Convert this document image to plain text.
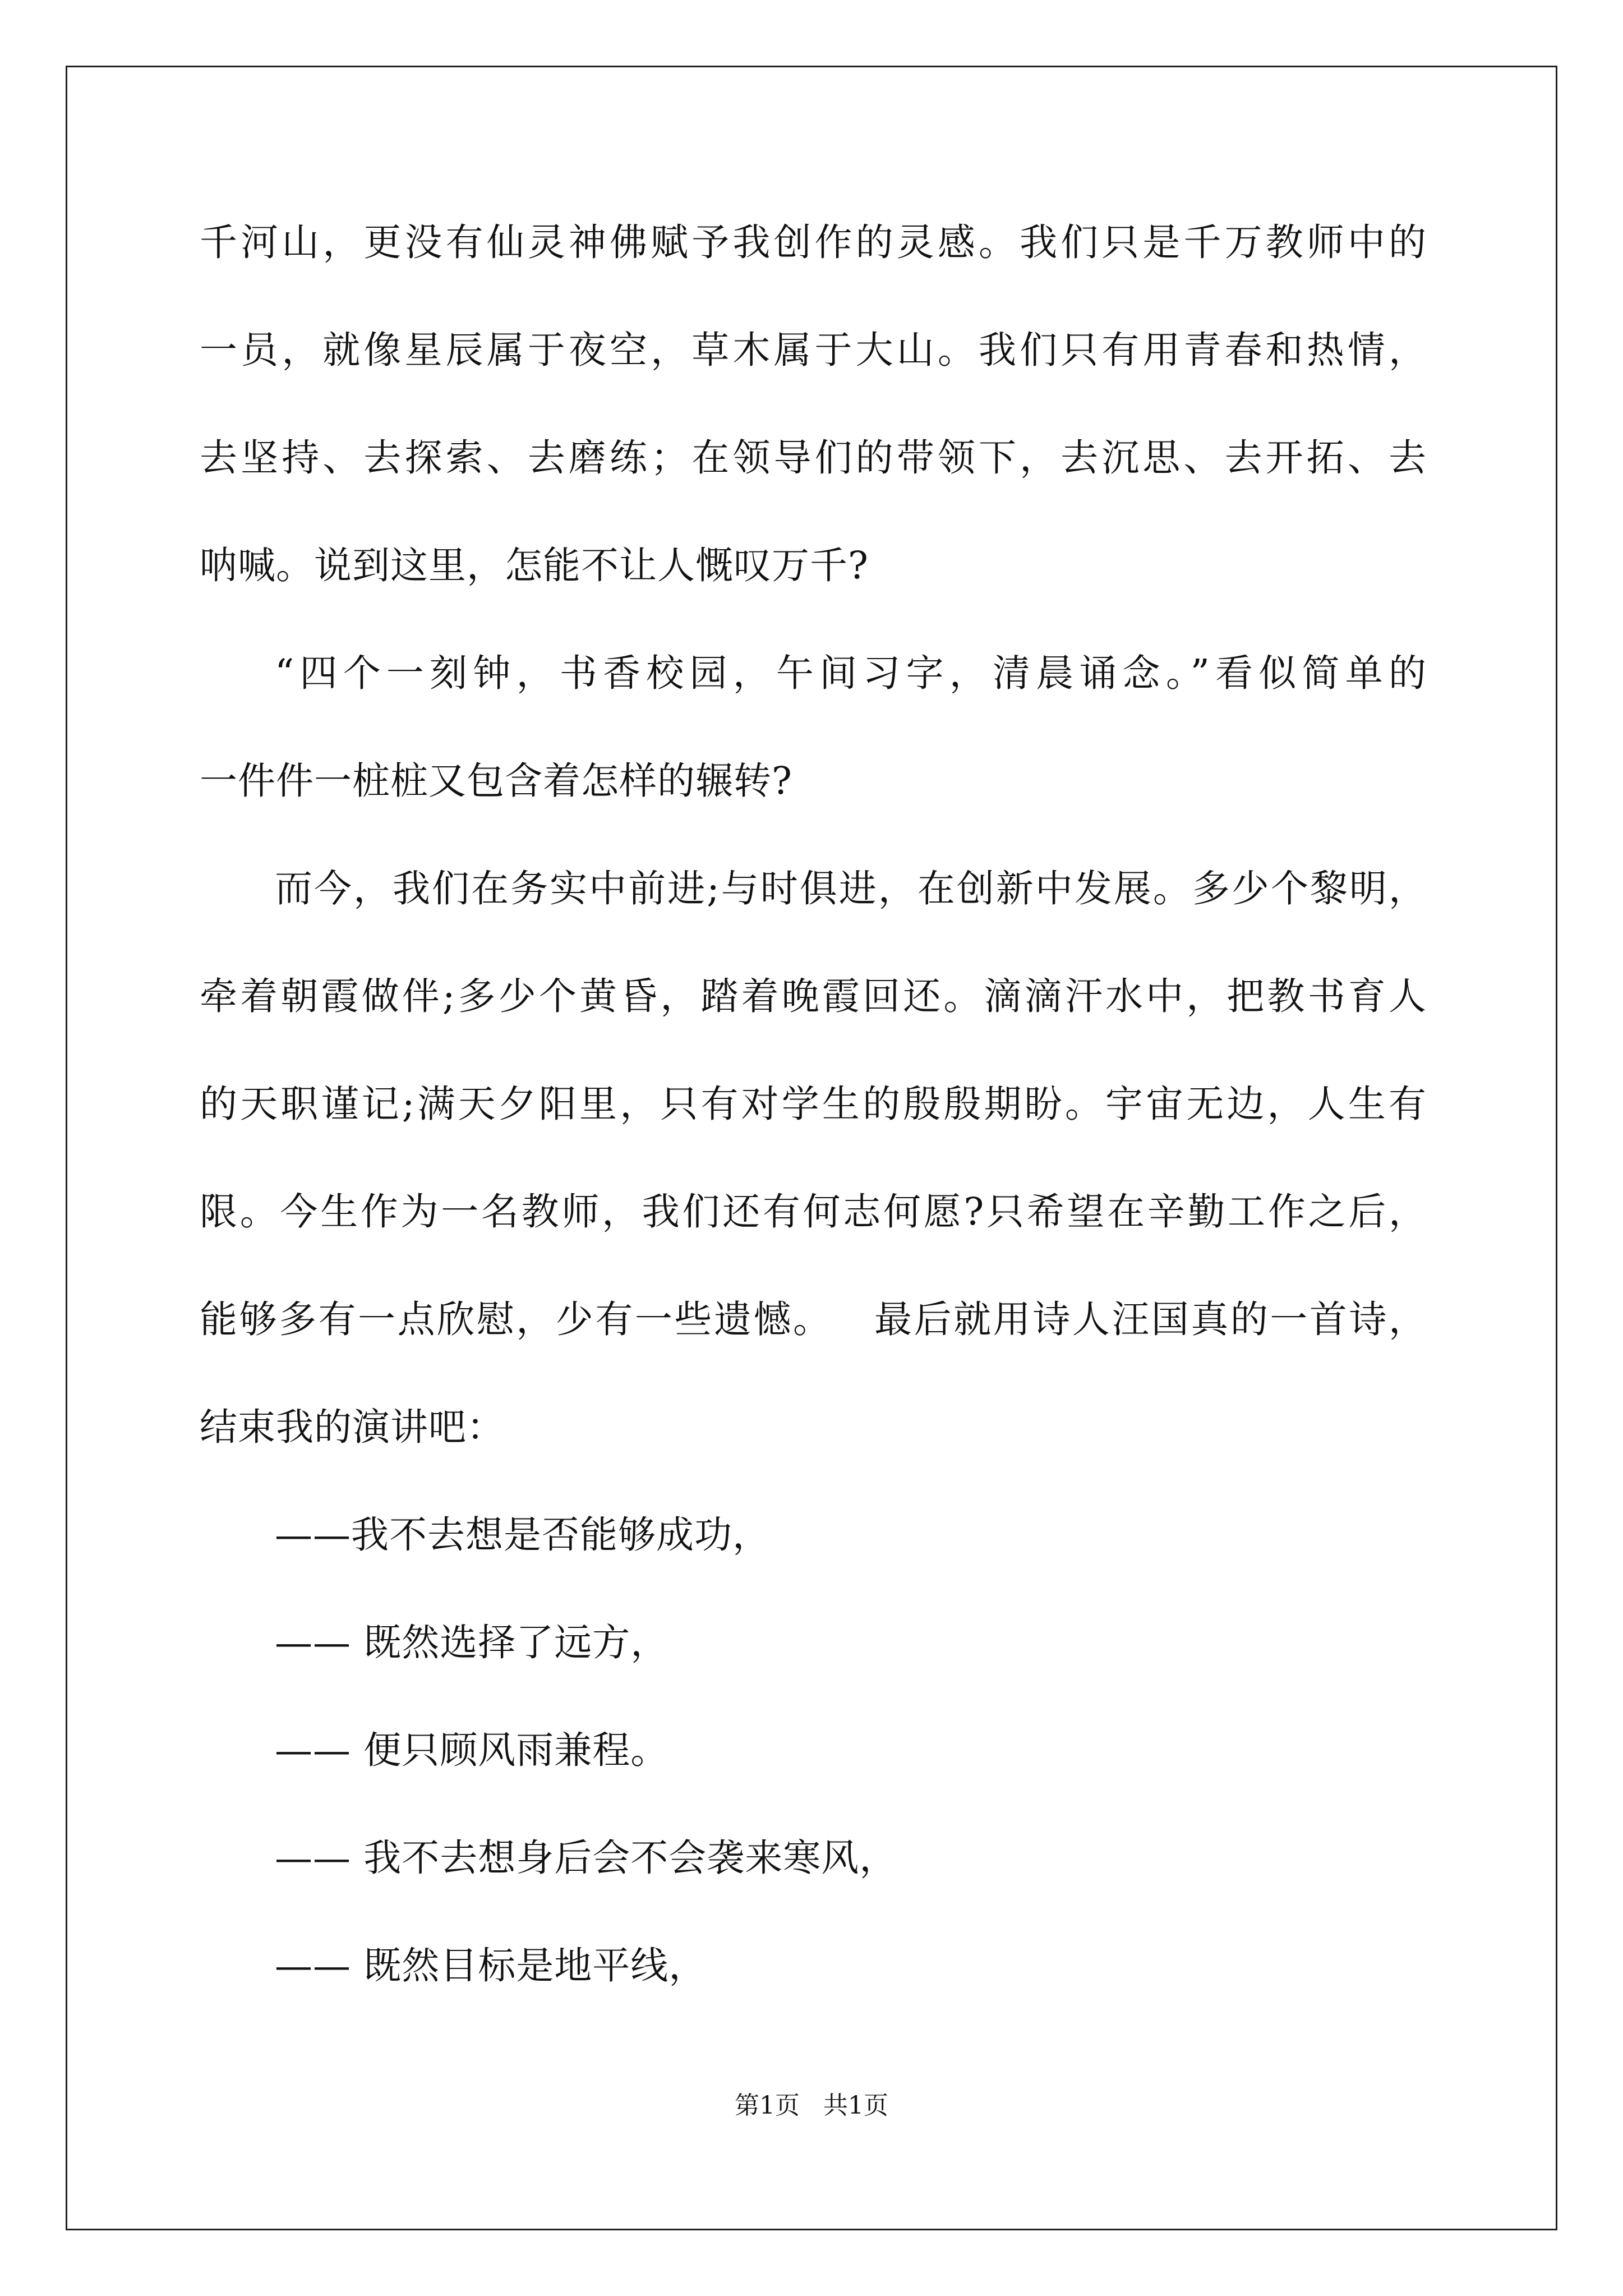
千河山，更没有仙灵神佛赋予我创作的灵感。我们只是千万教师中的
一员，就像星辰属于夜空，草木属于大山。我们只有用青春和热情，
去坚持、去探索、去磨练；在领导们的带领下，去沉思、去开拓、去
呐喊。说到这里，怎能不让人慨叹万千?
“四个一刻钟，书香校园，午间习字，清晨诵念。”看似简单的
一件件一桩桩又包含着怎样的辗转?
而今，我们在务实中前进;与时俱进，在创新中发展。多少个黎明，
牵着朝霞做伴;多少个黄昏，踏着晚霞回还。滴滴汗水中，把教书育人
的天职谨记;满天夕阳里，只有对学生的殷殷期盼。宇宙无边，人生有
限。今生作为一名教师，我们还有何志何愿?只希望在辛勤工作之后，
能够多有一点欣慰，少有一些遗憾。   最后就用诗人汪国真的一首诗，
结束我的演讲吧：
——我不去想是否能够成功，
—— 既然选择了远方，
—— 便只顾风雨兼程。
—— 我不去想身后会不会袭来寒风，
—— 既然目标是地平线，
第1页   共1页
